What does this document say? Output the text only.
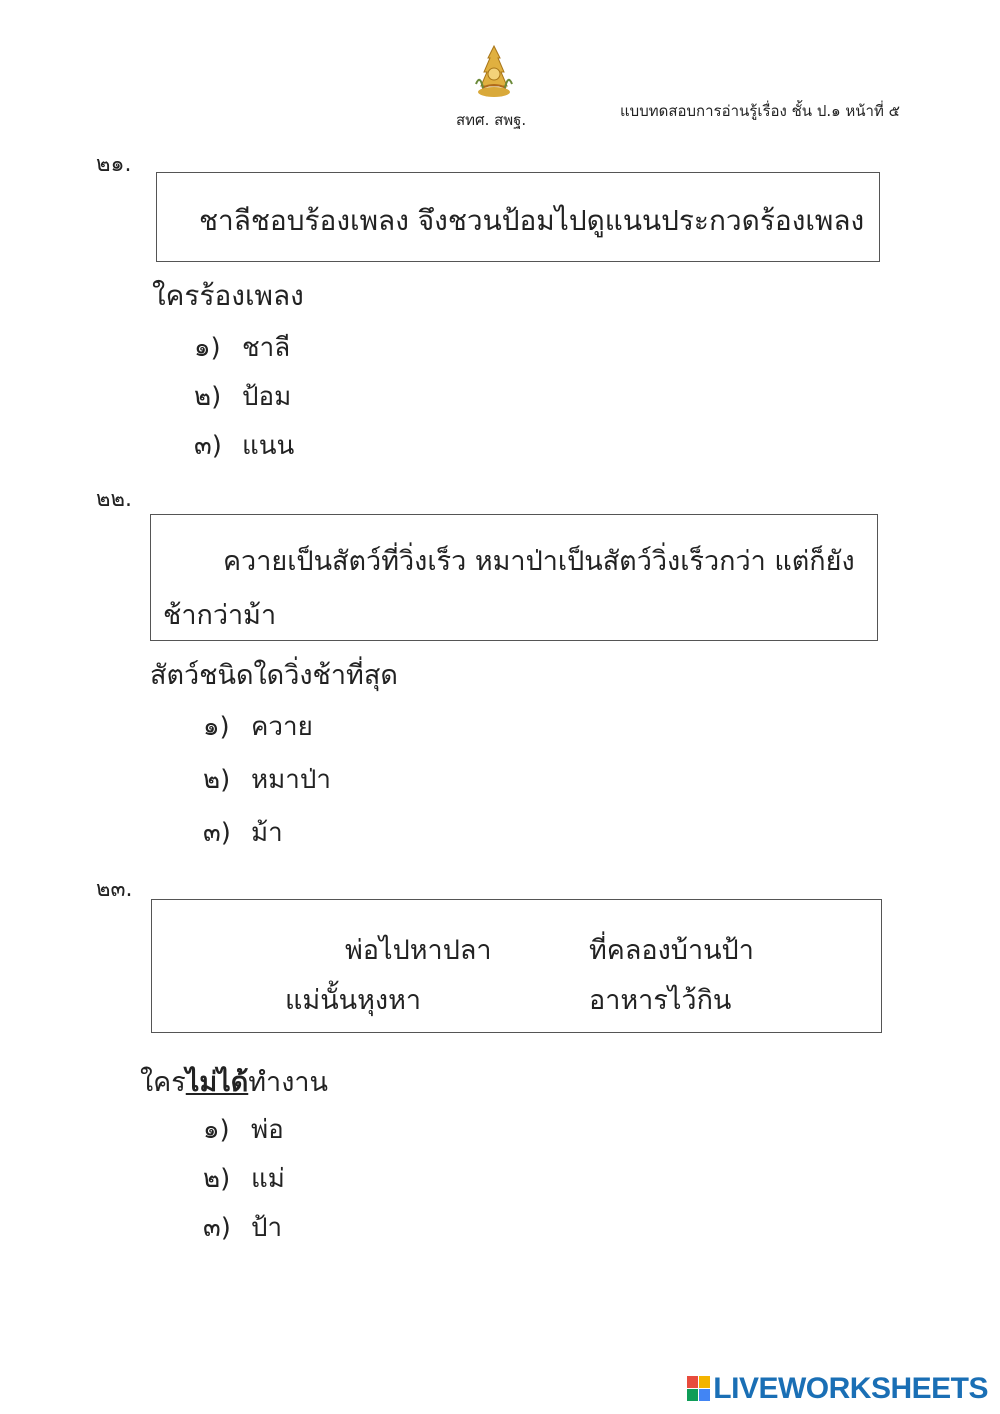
สทศ. สพฐ.	แบบทดสอบการอ่านรู้เรื่อง ชั้น ป.๑ หน้าที่ ๕
๒๑.
ชาลีชอบร้องเพลง จึงชวนป้อมไปดูแนนประกวดร้องเพลง
ใครร้องเพลง
๑) ชาลี
๒) ป้อม
๓) แนน
๒๒.
ควายเป็นสัตว์ที่วิ่งเร็ว หมาป่าเป็นสัตว์วิ่งเร็วกว่า แต่ก็ยัง
ช้ากว่าม้า
สัตว์ชนิดใดวิ่งช้าที่สุด
๑) ควาย
๒) หมาป่า
๓) ม้า
๒๓.
พ่อไปหาปลา	ที่คลองบ้านป้า
แม่นั้นหุงหา	อาหารไว้กิน
ใครไม่ได้ทำงาน
๑) พ่อ
๒) แม่
๓) ป้า
LIVEWORKSHEETS
